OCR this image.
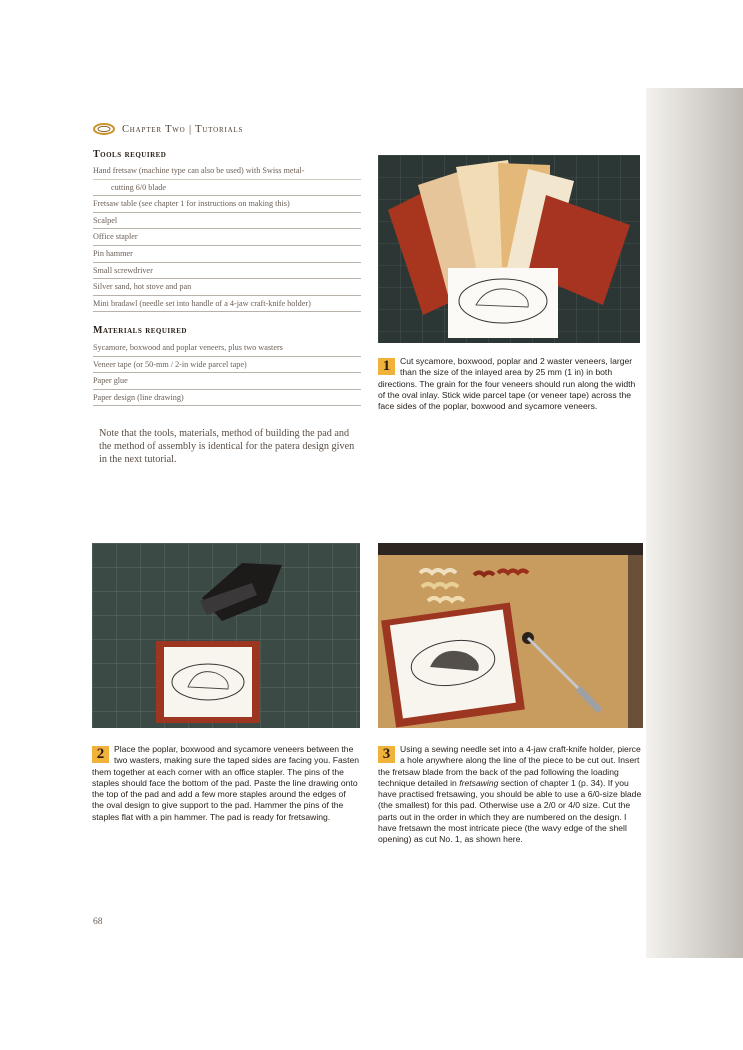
Chapter Two | Tutorials
Tools required
Hand fretsaw (machine type can also be used) with Swiss metal-
cutting 6/0 blade
Fretsaw table (see chapter 1 for instructions on making this)
Scalpel
Office stapler
Pin hammer
Small screwdriver
Silver sand, hot stove and pan
Mini bradawl (needle set into handle of a 4-jaw craft-knife holder)
Materials required
Sycamore, boxwood and poplar veneers, plus two wasters
Veneer tape (or 50-mm / 2-in wide parcel tape)
Paper glue
Paper design (line drawing)
Note that the tools, materials, method of building the pad and the method of assembly is identical for the patera design given in the next tutorial.
1	Cut sycamore, boxwood, poplar and 2 waster veneers, larger than the size of the inlayed area by 25 mm (1 in) in both directions. The grain for the four veneers should run along the width of the oval inlay. Stick wide parcel tape (or veneer tape) across the face sides of the poplar, boxwood and sycamore veneers.

2	Place the poplar, boxwood and sycamore veneers between the two wasters, making sure the taped sides are facing you. Fasten them together at each corner with an office stapler. The pins of the staples should face the bottom of the pad. Paste the line drawing onto the top of the pad and add a few more staples around the edges of the oval design to give support to the pad. Hammer the pins of the staples flat with a pin hammer. The pad is ready for fretsawing.

3	Using a sewing needle set into a 4-jaw craft-knife holder, pierce a hole anywhere along the line of the piece to be cut out. Insert the fretsaw blade from the back of the pad following the loading technique detailed in fretsawing section of chapter 1 (p. 34). If you have practised fretsawing, you should be able to use a 6/0-size blade (the smallest) for this pad. Otherwise use a 2/0 or 4/0 size. Cut the parts out in the order in which they are numbered on the design. I have fretsawn the most intricate piece (the wavy edge of the shell opening) as cut No. 1, as shown here.

68
